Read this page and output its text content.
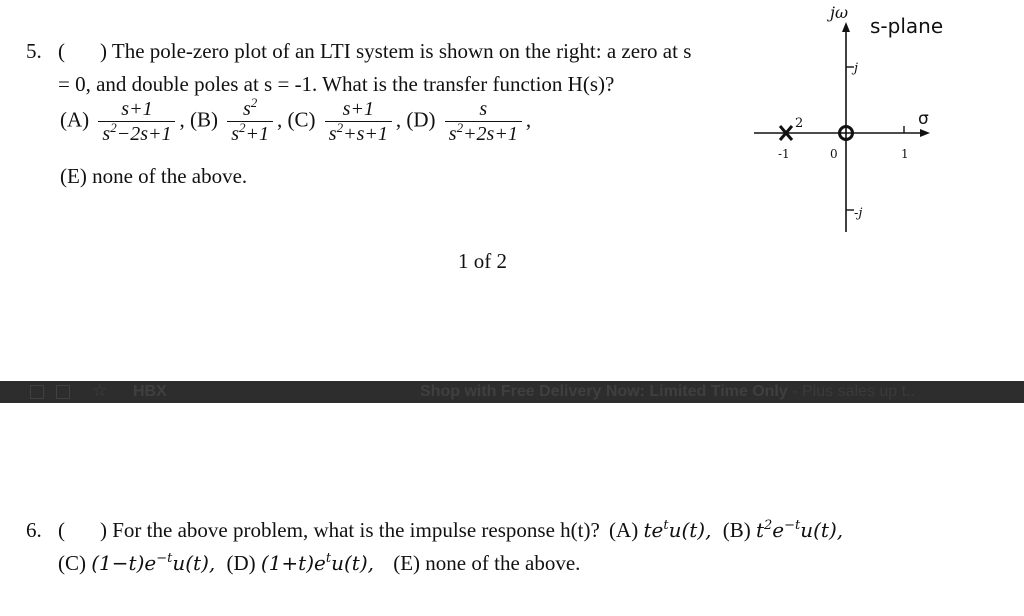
5. ( ) The pole-zero plot of an LTI system is shown on the right: a zero at s
= 0, and double poles at s = -1. What is the transfer function H(s)?
$(A) \frac{s+1}{s^2-2s+1}$ , $(B) \frac{s^2}{s^2+1}$ , $(C) \frac{s+1}{s^2+s+1}$ , $(D) \frac{s}{s^2+2s+1}$ ,
(E) none of the above.
jω
s-plane
σ
j
-j
-1	0	1
2
1 of 2
☆ HBX	Shop with Free Delivery Now: Limited Time Only - Plus sales up t..
6. ( ) For the above problem, what is the impulse response h(t)? (A) $te^tu(t)$, (B) $t^2e^{-t}u(t)$,
(C) $(1-t)e^{-t}u(t)$, (D) $(1+t)e^tu(t)$, (E) none of the above.
